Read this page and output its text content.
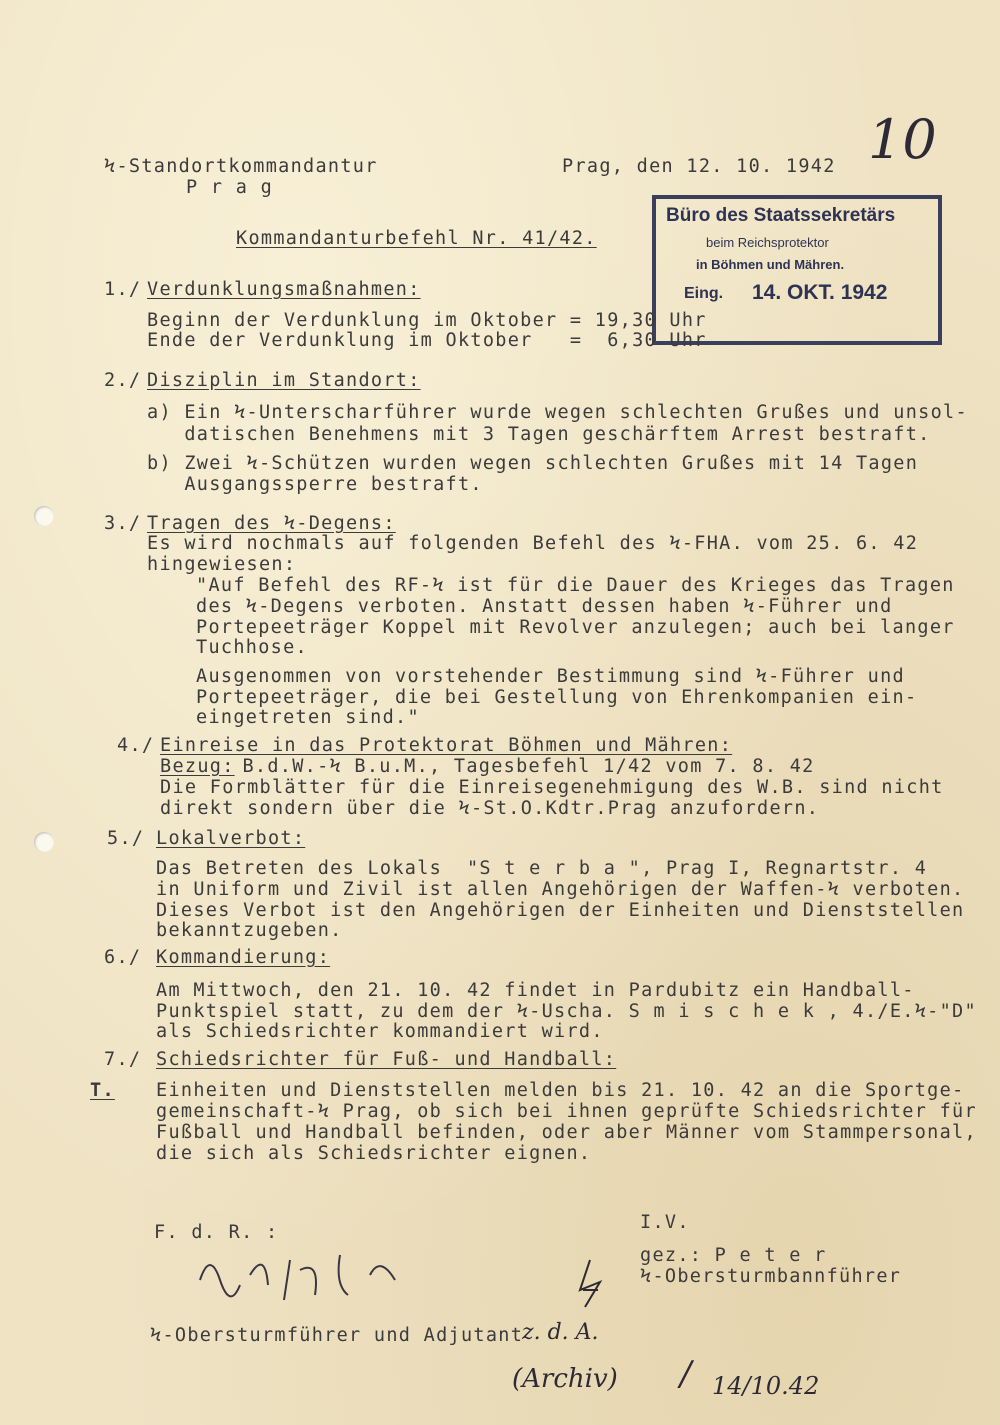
Ϟ-Standortkommandantur
P r a g
Prag, den 12. 10. 1942 10
Kommandanturbefehl Nr. 41/42.
Büro des Staatssekretärs
beim Reichsprotektor
in Böhmen und Mähren.
Eing. 14. OKT. 1942
1./ Verdunklungsmaßnahmen:
Beginn der Verdunklung im Oktober = 19,30 Uhr
Ende der Verdunklung im Oktober   =  6,30 Uhr
2./ Disziplin im Standort:
a) Ein Ϟ-Unterscharführer wurde wegen schlechten Grußes und unsol-
datischen Benehmens mit 3 Tagen geschärftem Arrest bestraft.
b) Zwei Ϟ-Schützen wurden wegen schlechten Grußes mit 14 Tagen
Ausgangssperre bestraft.
3./ Tragen des Ϟ-Degens:
Es wird nochmals auf folgenden Befehl des Ϟ-FHA. vom 25. 6. 42
hingewiesen:
"Auf Befehl des RF-Ϟ ist für die Dauer des Krieges das Tragen
des Ϟ-Degens verboten. Anstatt dessen haben Ϟ-Führer und
Portepeeträger Koppel mit Revolver anzulegen; auch bei langer
Tuchhose.
Ausgenommen von vorstehender Bestimmung sind Ϟ-Führer und
Portepeeträger, die bei Gestellung von Ehrenkompanien ein-
eingetreten sind."
4./ Einreise in das Protektorat Böhmen und Mähren:
Bezug:
B.d.W.-Ϟ B.u.M., Tagesbefehl 1/42 vom 7. 8. 42
Die Formblätter für die Einreisegenehmigung des W.B. sind nicht
direkt sondern über die Ϟ-St.O.Kdtr.Prag anzufordern.
5./ Lokalverbot:
Das Betreten des Lokals  "S t e r b a ", Prag I, Regnartstr. 4
in Uniform und Zivil ist allen Angehörigen der Waffen-Ϟ verboten.
Dieses Verbot ist den Angehörigen der Einheiten und Dienststellen
bekanntzugeben.
6./ Kommandierung:
Am Mittwoch, den 21. 10. 42 findet in Pardubitz ein Handball-
Punktspiel statt, zu dem der Ϟ-Uscha. S m i s c h e k , 4./E.Ϟ-"D"
als Schiedsrichter kommandiert wird.
7./ Schiedsrichter für Fuß- und Handball:
T. Einheiten und Dienststellen melden bis 21. 10. 42 an die Sportge-
gemeinschaft-Ϟ Prag, ob sich bei ihnen geprüfte Schiedsrichter für
Fußball und Handball befinden, oder aber Männer vom Stammpersonal,
die sich als Schiedsrichter eignen.
F. d. R. :	I.V.
gez.: P e t e r
Ϟ-Obersturmbannführer
Ϟ-Obersturmführer und Adjutant
z. d. A.
(Archiv) / 14/10.42
